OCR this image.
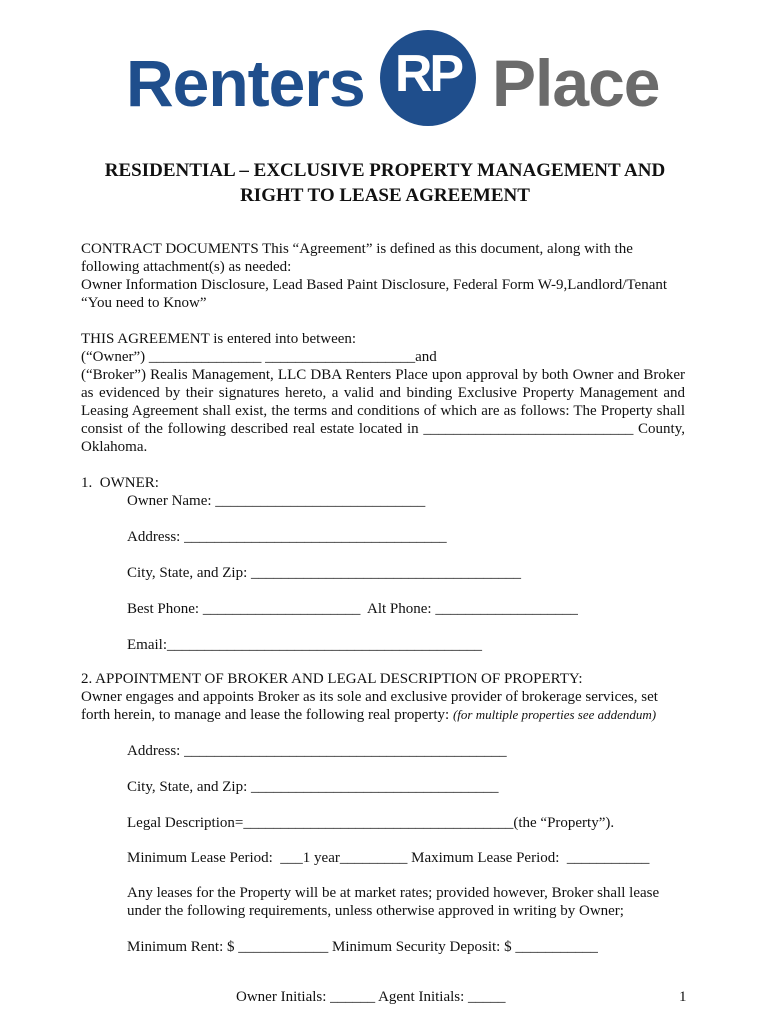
Renters RP Place
RESIDENTIAL – EXCLUSIVE PROPERTY MANAGEMENT AND
RIGHT TO LEASE AGREEMENT
CONTRACT DOCUMENTS This “Agreement” is defined as this document, along with the
following attachment(s) as needed:
Owner Information Disclosure, Lead Based Paint Disclosure, Federal Form W-9,Landlord/Tenant
“You need to Know”
THIS AGREEMENT is entered into between:
(“Owner”) _______________ ____________________and
(“Broker”) Realis Management, LLC DBA Renters Place upon approval by both Owner and Broker
as evidenced by their signatures hereto, a valid and binding Exclusive Property Management and
Leasing Agreement shall exist, the terms and conditions of which are as follows: The Property shall
consist of the following described real estate located in ____________________________ County,
Oklahoma.
1.  OWNER:
Owner Name: ____________________________
Address: ___________________________________
City, State, and Zip: ____________________________________
Best Phone: _____________________  Alt Phone: ___________________
Email:__________________________________________
2. APPOINTMENT OF BROKER AND LEGAL DESCRIPTION OF PROPERTY:
Owner engages and appoints Broker as its sole and exclusive provider of brokerage services, set
forth herein, to manage and lease the following real property: (for multiple properties see addendum)
Address: ___________________________________________
City, State, and Zip: _________________________________
Legal Description=____________________________________(the “Property”).
Minimum Lease Period:  ___1 year_________ Maximum Lease Period:  ___________
Any leases for the Property will be at market rates; provided however, Broker shall lease
under the following requirements, unless otherwise approved in writing by Owner;
Minimum Rent: $ ____________ Minimum Security Deposit: $ ___________
Owner Initials: ______ Agent Initials: _____	1
